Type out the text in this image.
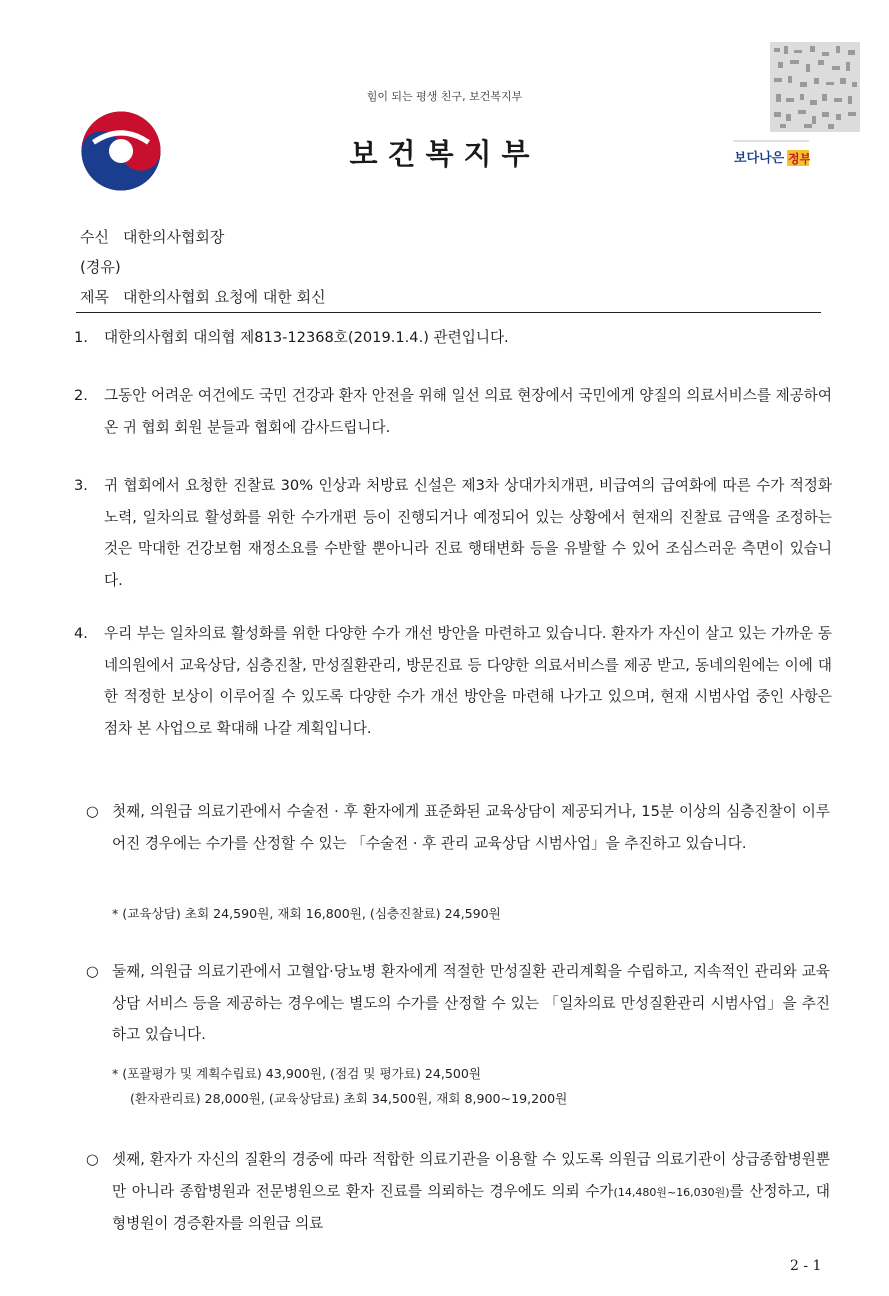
힘이 되는 평생 친구, 보건복지부
보건복지부	보다나은 정부
수신 대한의사협회장
(경유)
제목 대한의사협회 요청에 대한 회신
1. 대한의사협회 대의협 제813-12368호(2019.1.4.) 관련입니다.
2. 그동안 어려운 여건에도 국민 건강과 환자 안전을 위해 일선 의료 현장에서 국민에게 양질의 의료서비스를 제공하여 온 귀 협회 회원 분들과 협회에 감사드립니다.
3. 귀 협회에서 요청한 진찰료 30% 인상과 처방료 신설은 제3차 상대가치개편, 비급여의 급여화에 따른 수가 적정화 노력, 일차의료 활성화를 위한 수가개편 등이 진행되거나 예정되어 있는 상황에서 현재의 진찰료 금액을 조정하는 것은 막대한 건강보험 재정소요를 수반할 뿐아니라 진료 행태변화 등을 유발할 수 있어 조심스러운 측면이 있습니다.
4. 우리 부는 일차의료 활성화를 위한 다양한 수가 개선 방안을 마련하고 있습니다. 환자가 자신이 살고 있는 가까운 동네의원에서 교육상담, 심층진찰, 만성질환관리, 방문진료 등 다양한 의료서비스를 제공 받고, 동네의원에는 이에 대한 적정한 보상이 이루어질 수 있도록 다양한 수가 개선 방안을 마련해 나가고 있으며, 현재 시범사업 중인 사항은 점차 본 사업으로 확대해 나갈 계획입니다.
○ 첫째, 의원급 의료기관에서 수술전 · 후 환자에게 표준화된 교육상담이 제공되거나, 15분 이상의 심층진찰이 이루어진 경우에는 수가를 산정할 수 있는 「수술전 · 후 관리 교육상담 시범사업」을 추진하고 있습니다.
* (교육상담) 초회 24,590원, 재회 16,800원, (심층진찰료) 24,590원
○ 둘째, 의원급 의료기관에서 고혈압·당뇨병 환자에게 적절한 만성질환 관리계획을 수립하고, 지속적인 관리와 교육상담 서비스 등을 제공하는 경우에는 별도의 수가를 산정할 수 있는 「일차의료 만성질환관리 시범사업」을 추진하고 있습니다.
* (포괄평가 및 계획수립료) 43,900원, (점검 및 평가료) 24,500원
(환자관리료) 28,000원, (교육상담료) 초회 34,500원, 재회 8,900~19,200원
○ 셋째, 환자가 자신의 질환의 경중에 따라 적합한 의료기관을 이용할 수 있도록 의원급 의료기관이 상급종합병원뿐만 아니라 종합병원과 전문병원으로 환자 진료를 의뢰하는 경우에도 의뢰 수가(14,480원~16,030원)를 산정하고, 대형병원이 경증환자를 의원급 의료
2 - 1
